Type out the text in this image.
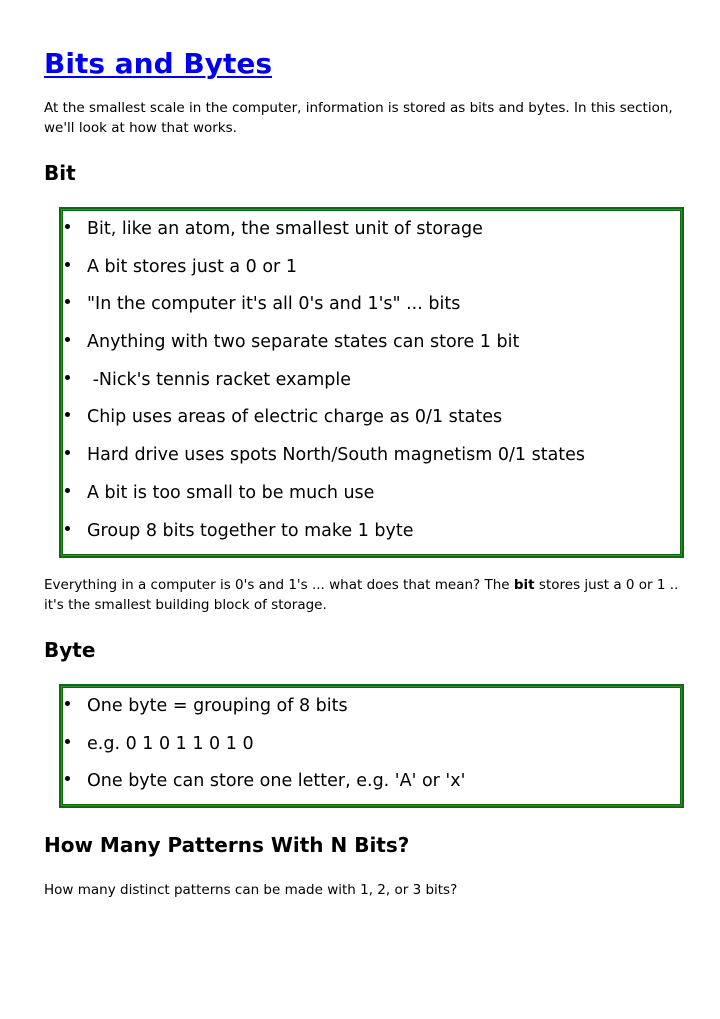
Bits and Bytes

At the smallest scale in the computer, information is stored as bits and bytes. In this section, we'll look at how that works.

Bit
Bit, like an atom, the smallest unit of storage
A bit stores just a 0 or 1
"In the computer it's all 0's and 1's" ... bits
Anything with two separate states can store 1 bit
-Nick's tennis racket example
Chip uses areas of electric charge as 0/1 states
Hard drive uses spots North/South magnetism 0/1 states
A bit is too small to be much use
Group 8 bits together to make 1 byte

Everything in a computer is 0's and 1's ... what does that mean? The bit stores just a 0 or 1 .. it's the smallest building block of storage.

Byte
One byte = grouping of 8 bits
e.g. 0 1 0 1 1 0 1 0
One byte can store one letter, e.g. 'A' or 'x'
How Many Patterns With N Bits?

How many distinct patterns can be made with 1, 2, or 3 bits?
